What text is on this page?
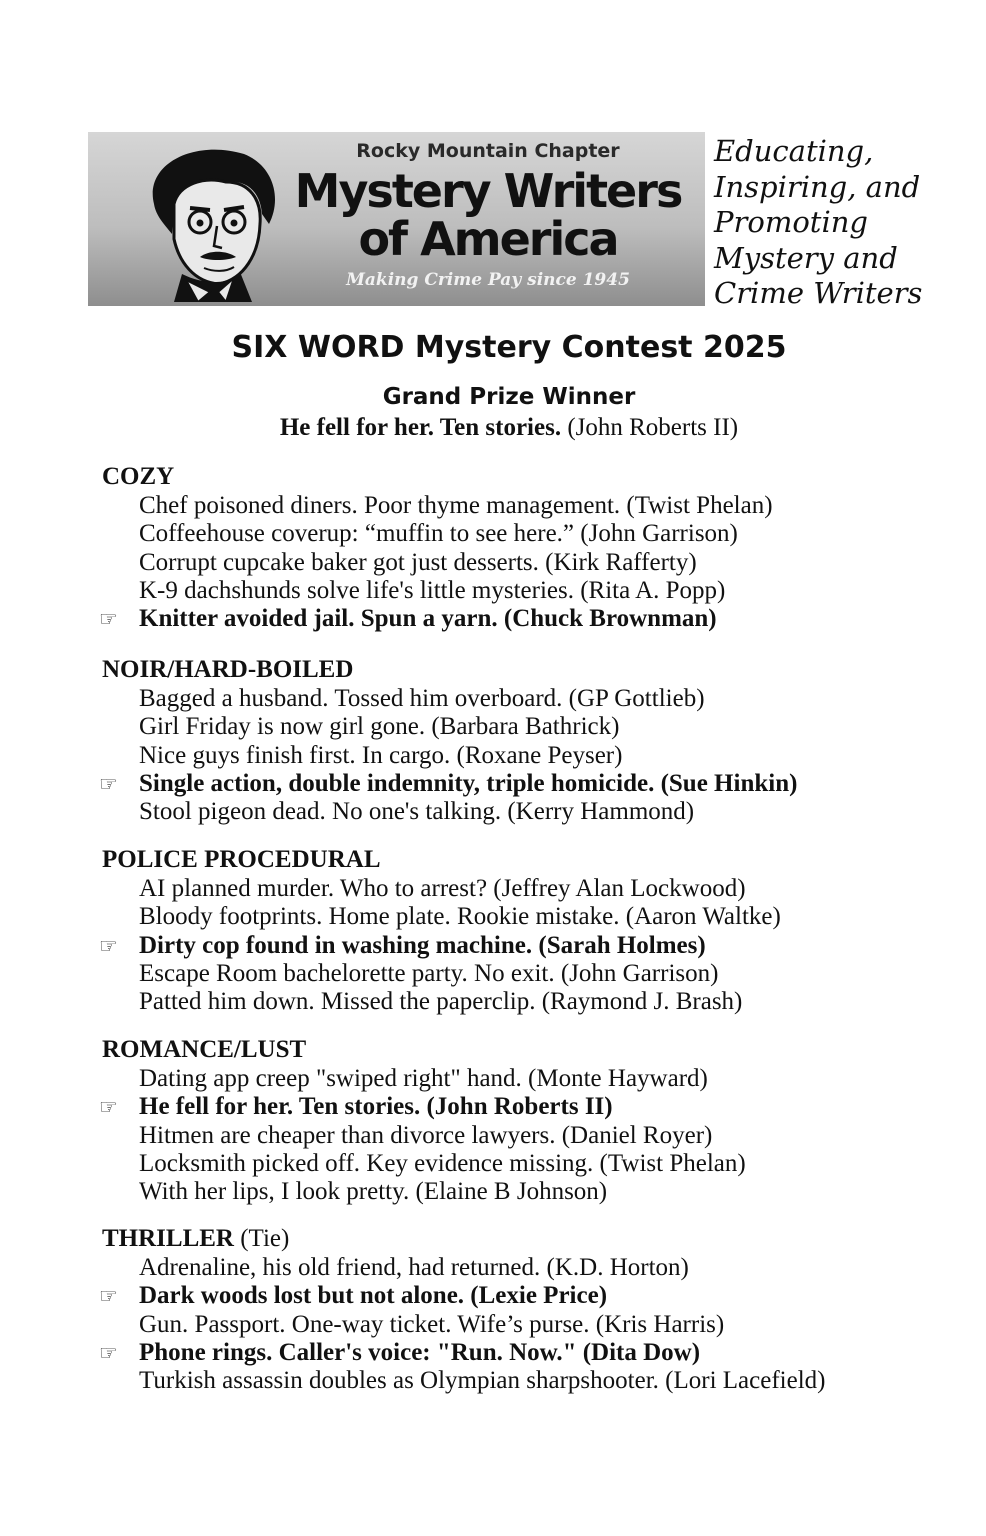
Rocky Mountain Chapter
Mystery Writers
of America
Making Crime Pay since 1945
Educating,
Inspiring, and
Promoting
Mystery and
Crime Writers
SIX WORD Mystery Contest 2025
Grand Prize Winner
He fell for her. Ten stories. (John Roberts II)
COZY
Chef poisoned diners. Poor thyme management. (Twist Phelan)
Coffeehouse coverup: “muffin to see here.” (John Garrison)
Corrupt cupcake baker got just desserts. (Kirk Rafferty)
K-9 dachshunds solve life's little mysteries. (Rita A. Popp)
☞ Knitter avoided jail. Spun a yarn. (Chuck Brownman)
NOIR/HARD-BOILED
Bagged a husband. Tossed him overboard. (GP Gottlieb)
Girl Friday is now girl gone. (Barbara Bathrick)
Nice guys finish first. In cargo. (Roxane Peyser)
☞ Single action, double indemnity, triple homicide. (Sue Hinkin)
Stool pigeon dead. No one's talking. (Kerry Hammond)
POLICE PROCEDURAL
AI planned murder. Who to arrest? (Jeffrey Alan Lockwood)
Bloody footprints. Home plate. Rookie mistake. (Aaron Waltke)
☞ Dirty cop found in washing machine. (Sarah Holmes)
Escape Room bachelorette party. No exit. (John Garrison)
Patted him down. Missed the paperclip. (Raymond J. Brash)
ROMANCE/LUST
Dating app creep "swiped right" hand. (Monte Hayward)
☞ He fell for her. Ten stories. (John Roberts II)
Hitmen are cheaper than divorce lawyers. (Daniel Royer)
Locksmith picked off. Key evidence missing. (Twist Phelan)
With her lips, I look pretty. (Elaine B Johnson)
THRILLER (Tie)
Adrenaline, his old friend, had returned. (K.D. Horton)
☞ Dark woods lost but not alone. (Lexie Price)
Gun. Passport. One-way ticket. Wife’s purse. (Kris Harris)
☞ Phone rings. Caller's voice: "Run. Now." (Dita Dow)
Turkish assassin doubles as Olympian sharpshooter. (Lori Lacefield)
